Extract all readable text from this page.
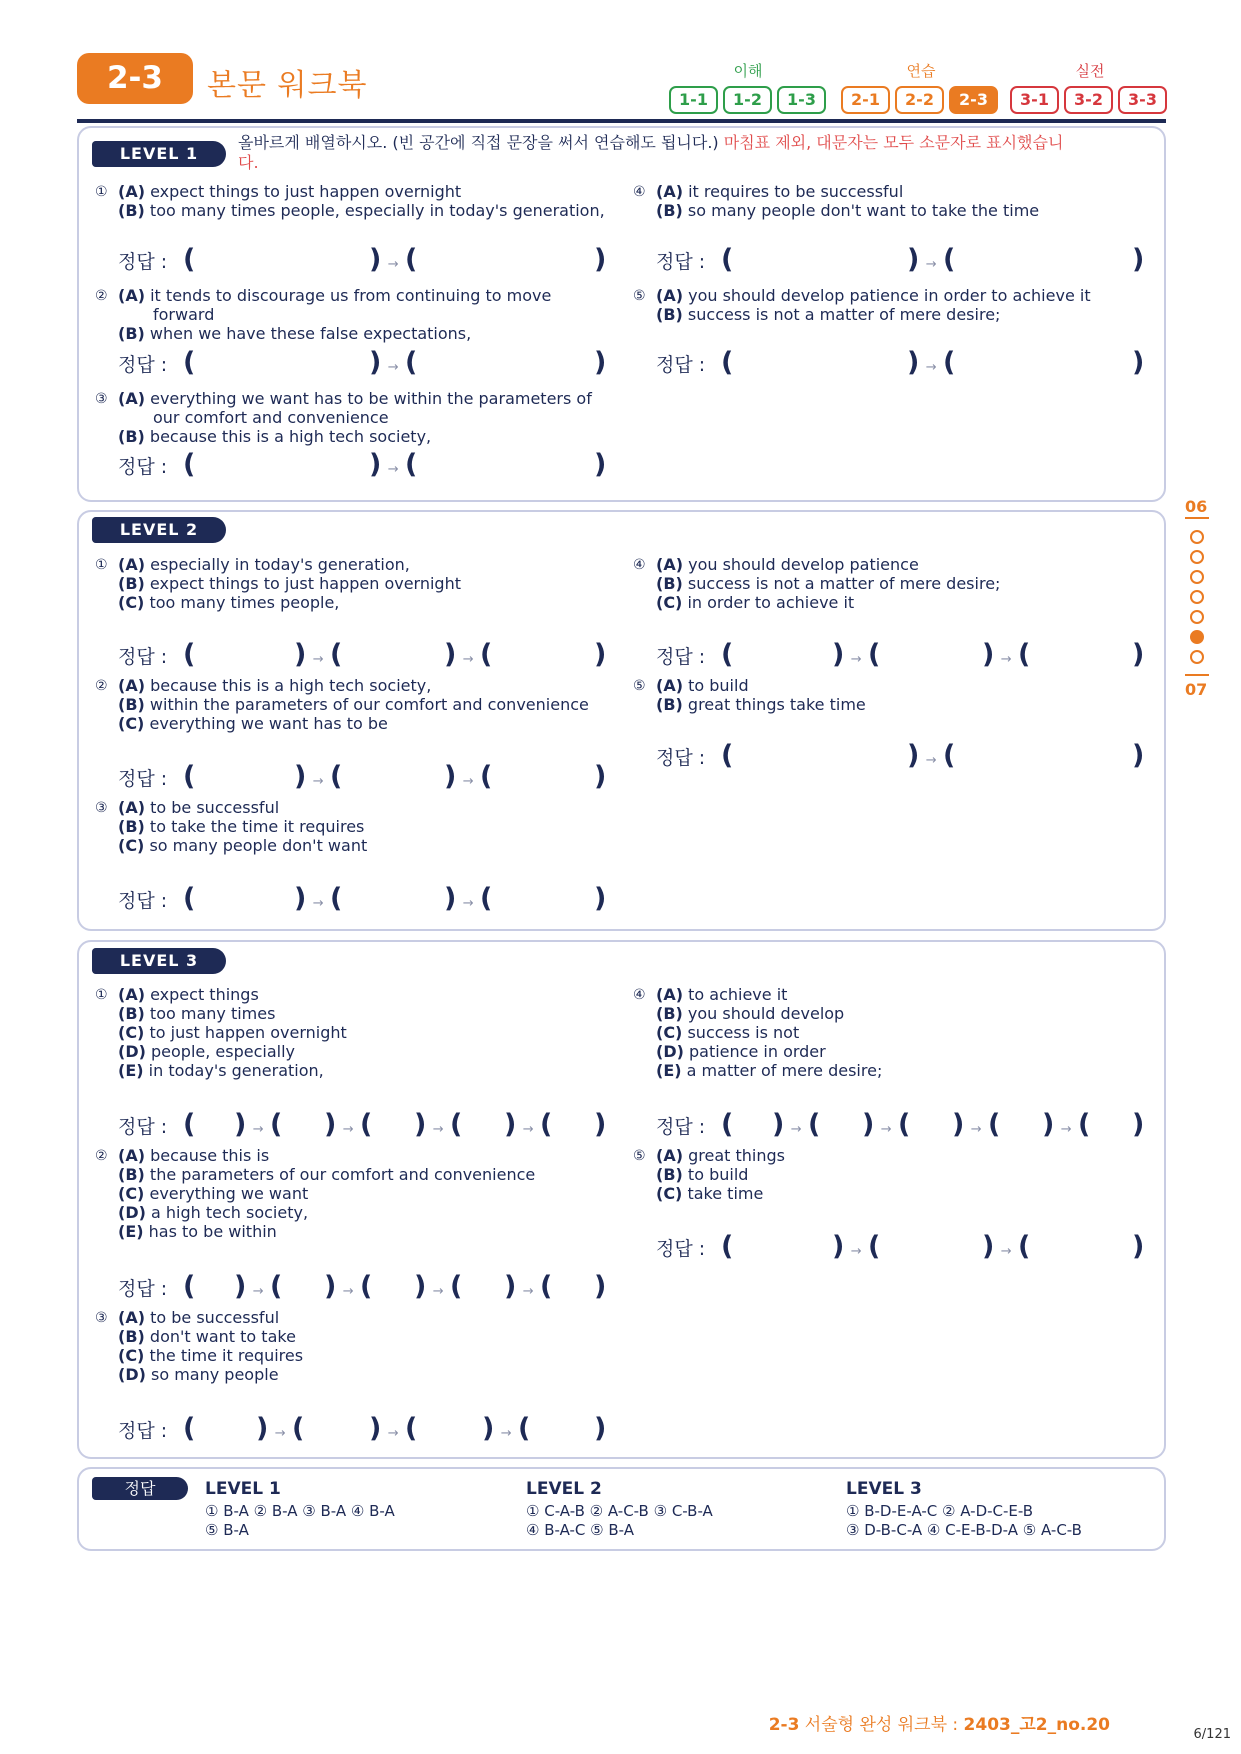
2-3	본문 워크북	이해	연습	실전
1-1	1-2	1-3	2-1	2-2	2-3	3-1	3-2	3-3
LEVEL 1
올바르게 배열하시오. (빈 공간에 직접 문장을 써서 연습해도 됩니다.) 마침표 제외, 대문자는 모두 소문자로 표시했습니
다.
① (A) expect things to just happen overnight
(B) too many times people, especially in today's generation,
④ (A) it requires to be successful
(B) so many people don't want to take the time
정답 : (	) → (	)	정답 : (	) → (	)
② (A) it tends to discourage us from continuing to move
forward
(B) when we have these false expectations,
⑤ (A) you should develop patience in order to achieve it
(B) success is not a matter of mere desire;
정답 : (	) → (	)	정답 : (	) → (	)
③ (A) everything we want has to be within the parameters of
our comfort and convenience
(B) because this is a high tech society,
정답 : (	) → (	)
LEVEL 2
① (A) especially in today's generation,
(B) expect things to just happen overnight
(C) too many times people,
④ (A) you should develop patience
(B) success is not a matter of mere desire;
(C) in order to achieve it
정답 : (	) → (	) → (	)	정답 : (	) → (	) → (	)
② (A) because this is a high tech society,
(B) within the parameters of our comfort and convenience
(C) everything we want has to be
⑤ (A) to build
(B) great things take time
정답 : (	) → (	)
정답 : (	) → (	) → (	)
③ (A) to be successful
(B) to take the time it requires
(C) so many people don't want
정답 : (	) → (	) → (	)
LEVEL 3
① (A) expect things
(B) too many times
(C) to just happen overnight
(D) people, especially
(E) in today's generation,
④ (A) to achieve it
(B) you should develop
(C) success is not
(D) patience in order
(E) a matter of mere desire;
정답 : ( ) → ( ) → ( ) → ( ) → ( )	정답 : ( ) → ( ) → ( ) → ( ) → ( )
② (A) because this is
(B) the parameters of our comfort and convenience
(C) everything we want
(D) a high tech society,
(E) has to be within
⑤ (A) great things
(B) to build
(C) take time
정답 : (	) → (	) → (	)
정답 : ( ) → ( ) → ( ) → ( ) → ( )
③ (A) to be successful
(B) don't want to take
(C) the time it requires
(D) so many people
정답 : ( ) → ( ) → ( ) → ( )
정답	LEVEL 1
① B-A ② B-A ③ B-A ④ B-A
⑤ B-A
LEVEL 2
① C-A-B ② A-C-B ③ C-B-A
④ B-A-C ⑤ B-A
LEVEL 3
① B-D-E-A-C ② A-D-C-E-B
③ D-B-C-A ④ C-E-B-D-A ⑤ A-C-B
06
07
2-3 서술형 완성 워크북 : 2403_고2_no.20	6/121
